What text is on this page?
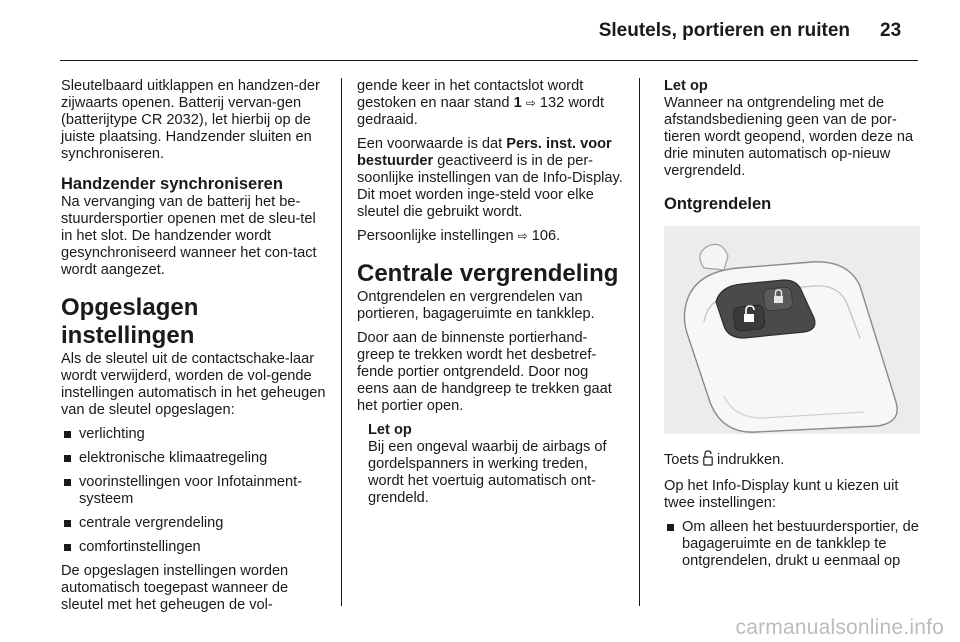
Sleutels, portieren en ruiten 23

Sleutelbaard uitklappen en handzen-der zijwaarts openen. Batterij vervan-gen (batterijtype CR 2032), let hierbij op de juiste plaatsing. Handzender sluiten en synchroniseren.

Handzender synchroniseren

Na vervanging van de batterij het be-stuurdersportier openen met de sleu-tel in het slot. De handzender wordt gesynchroniseerd wanneer het con-tact wordt aangezet.

Opgeslagen instellingen

Als de sleutel uit de contactschake-laar wordt verwijderd, worden de vol-gende instellingen automatisch in het geheugen van de sleutel opgeslagen:

verlichting
elektronische klimaatregeling
voorinstellingen voor Infotainment-systeem
centrale vergrendeling
comfortinstellingen

De opgeslagen instellingen worden automatisch toegepast wanneer de sleutel met het geheugen de vol-

gende keer in het contactslot wordt gestoken en naar stand 1 ⇨ 132 wordt gedraaid.

Een voorwaarde is dat Pers. inst. voor bestuurder geactiveerd is in de per-soonlijke instellingen van de Info-Display. Dit moet worden inge-steld voor elke sleutel die gebruikt wordt.

Persoonlijke instellingen ⇨ 106.

Centrale vergrendeling

Ontgrendelen en vergrendelen van portieren, bagageruimte en tankklep.

Door aan de binnenste portierhand-greep te trekken wordt het desbetref-fende portier ontgrendeld. Door nog eens aan de handgreep te trekken gaat het portier open.

Let op
Bij een ongeval waarbij de airbags of gordelspanners in werking treden, wordt het voertuig automatisch ont-grendeld.
Let op
Wanneer na ontgrendeling met de afstandsbediening geen van de por-tieren wordt geopend, worden deze na drie minuten automatisch op-nieuw vergrendeld.
Ontgrendelen

Toets  indrukken.

Op het Info-Display kunt u kiezen uit twee instellingen:

Om alleen het bestuurdersportier, de bagageruimte en de tankklep te ontgrendelen, drukt u eenmaal op
carmanualsonline.info
